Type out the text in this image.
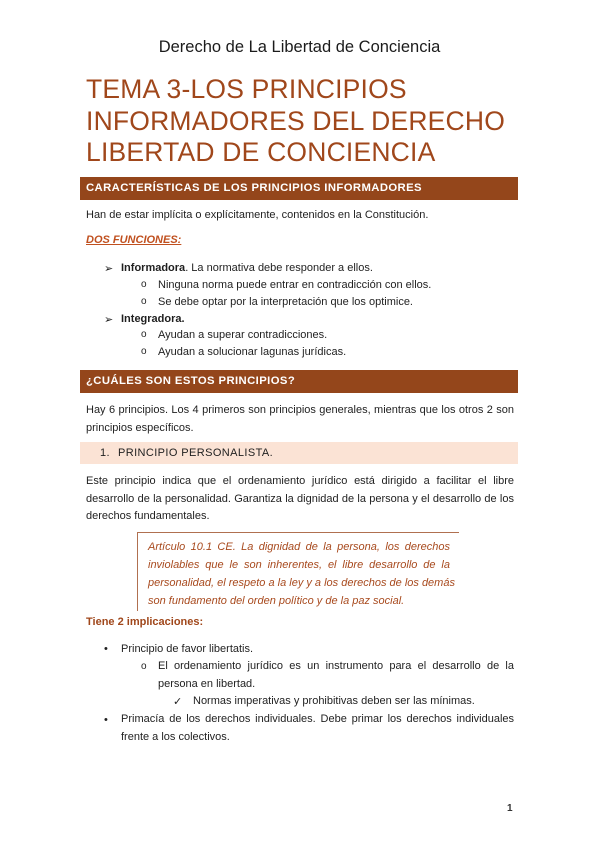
Derecho de La Libertad de Conciencia
TEMA 3-LOS PRINCIPIOS
INFORMADORES DEL DERECHO
LIBERTAD DE CONCIENCIA
CARACTERÍSTICAS DE LOS PRINCIPIOS INFORMADORES
Han de estar implícita o explícitamente, contenidos en la Constitución.
DOS FUNCIONES:
➢ Informadora. La normativa debe responder a ellos.
o Ninguna norma puede entrar en contradicción con ellos.
o Se debe optar por la interpretación que los optimice.
➢ Integradora.
o Ayudan a superar contradicciones.
o Ayudan a solucionar lagunas jurídicas.
¿CUÁLES SON ESTOS PRINCIPIOS?
Hay 6 principios. Los 4 primeros son principios generales, mientras que los otros 2 son
principios específicos.
1. PRINCIPIO PERSONALISTA.
Este principio indica que el ordenamiento jurídico está dirigido a facilitar el libre
desarrollo de la personalidad. Garantiza la dignidad de la persona y el desarrollo de los
derechos fundamentales.
Artículo 10.1 CE. La dignidad de la persona, los derechos
inviolables que le son inherentes, el libre desarrollo de la
personalidad, el respeto a la ley y a los derechos de los demás
son fundamento del orden político y de la paz social.
Tiene 2 implicaciones:
• Principio de favor libertatis.
o El ordenamiento jurídico es un instrumento para el desarrollo de la
persona en libertad.
✓ Normas imperativas y prohibitivas deben ser las mínimas.
• Primacía de los derechos individuales. Debe primar los derechos individuales
frente a los colectivos.
1
